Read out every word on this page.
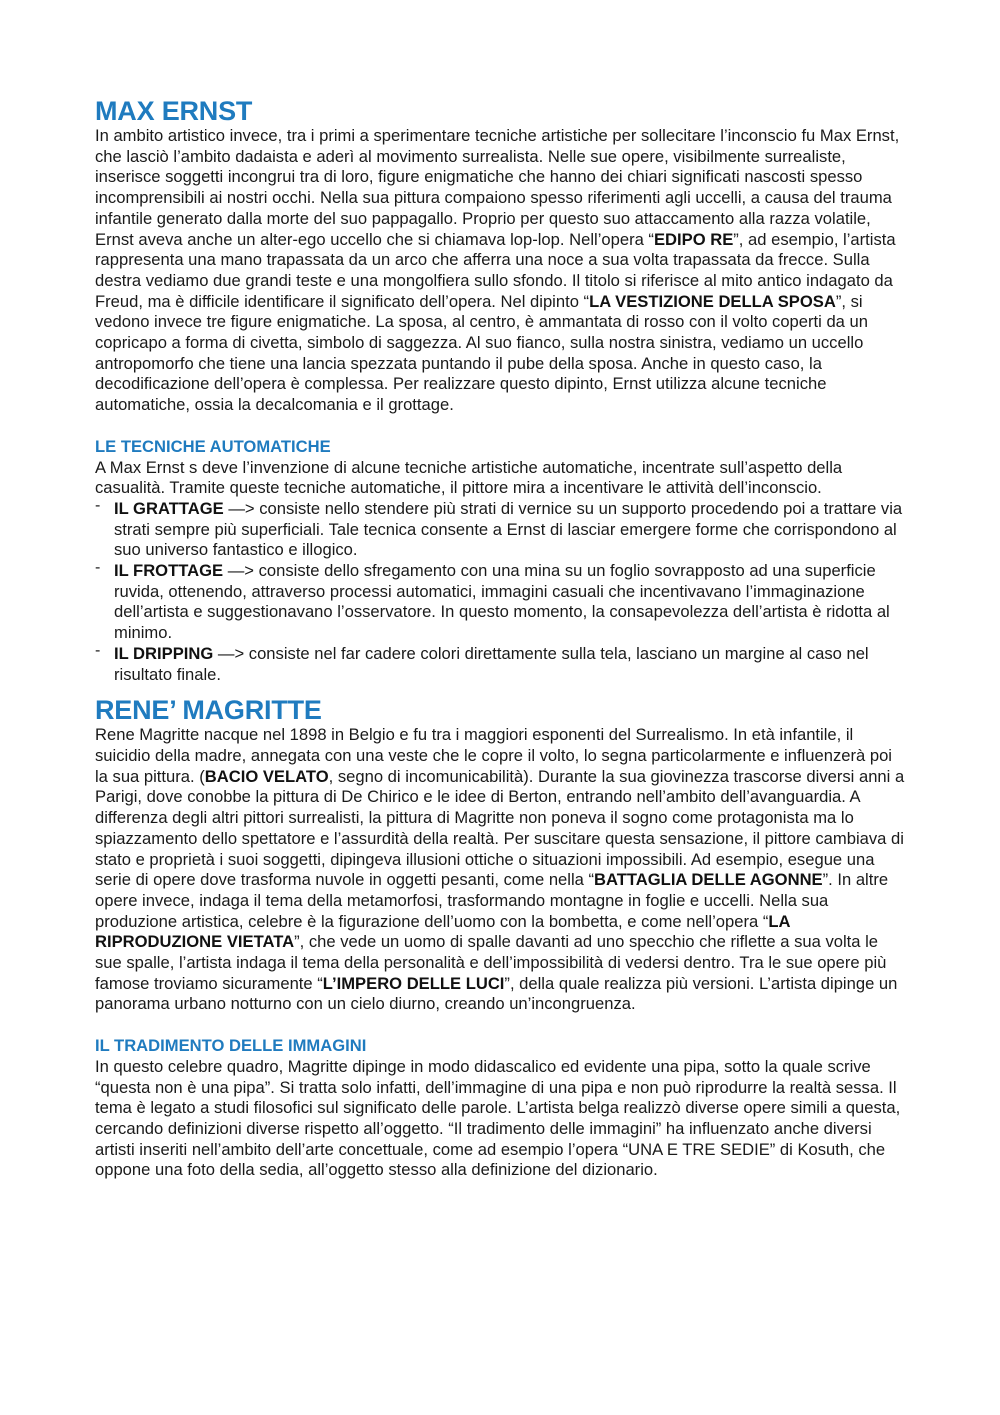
MAX ERNST

In ambito artistico invece, tra i primi a sperimentare tecniche artistiche per sollecitare l’inconscio fu Max Ernst, che lasciò l’ambito dadaista e aderì al movimento surrealista. Nelle sue opere, visibilmente surrealiste, inserisce soggetti incongrui tra di loro, figure enigmatiche che hanno dei chiari significati nascosti spesso incomprensibili ai nostri occhi. Nella sua pittura compaiono spesso riferimenti agli uccelli, a causa del trauma infantile generato dalla morte del suo pappagallo. Proprio per questo suo attaccamento alla razza volatile, Ernst aveva anche un alter-ego uccello che si chiamava lop-lop. Nell’opera “EDIPO RE”, ad esempio, l’artista rappresenta una mano trapassata da un arco che afferra una noce a sua volta trapassata da frecce. Sulla destra vediamo due grandi teste e una mongolfiera sullo sfondo. Il titolo si riferisce al mito antico indagato da Freud, ma è difficile identificare il significato dell’opera. Nel dipinto “LA VESTIZIONE DELLA SPOSA”, si vedono invece tre figure enigmatiche. La sposa, al centro, è ammantata di rosso con il volto coperti da un copricapo a forma di civetta, simbolo di saggezza. Al suo fianco, sulla nostra sinistra, vediamo un uccello antropomorfo che tiene una lancia spezzata puntando il pube della sposa. Anche in questo caso, la decodificazione dell’opera è complessa. Per realizzare questo dipinto, Ernst utilizza alcune tecniche automatiche, ossia la decalcomania e il grottage.

LE TECNICHE AUTOMATICHE

A Max Ernst s deve l’invenzione di alcune tecniche artistiche automatiche, incentrate sull’aspetto della casualità. Tramite queste tecniche automatiche, il pittore mira a incentivare le attività dell’inconscio.

- IL GRATTAGE —> consiste nello stendere più strati di vernice su un supporto procedendo poi a trattare via strati sempre più superficiali. Tale tecnica consente a Ernst di lasciar emergere forme che corrispondono al suo universo fantastico e illogico.
- IL FROTTAGE —> consiste dello sfregamento con una mina su un foglio sovrapposto ad una superficie ruvida, ottenendo, attraverso processi automatici, immagini casuali che incentivavano l’immaginazione dell’artista e suggestionavano l’osservatore. In questo momento, la consapevolezza dell’artista è ridotta al minimo.
- IL DRIPPING —> consiste nel far cadere colori direttamente sulla tela, lasciano un margine al caso nel risultato finale.
RENE’ MAGRITTE

Rene Magritte nacque nel 1898 in Belgio e fu tra i maggiori esponenti del Surrealismo. In età infantile, il suicidio della madre, annegata con una veste che le copre il volto, lo segna particolarmente e influenzerà poi la sua pittura. (BACIO VELATO, segno di incomunicabilità). Durante la sua giovinezza trascorse diversi anni a Parigi, dove conobbe la pittura di De Chirico e le idee di Berton, entrando nell’ambito dell’avanguardia. A differenza degli altri pittori surrealisti, la pittura di Magritte non poneva il sogno come protagonista ma lo spiazzamento dello spettatore e l’assurdità della realtà. Per suscitare questa sensazione, il pittore cambiava di stato e proprietà i suoi soggetti, dipingeva illusioni ottiche o situazioni impossibili. Ad esempio, esegue una serie di opere dove trasforma nuvole in oggetti pesanti, come nella “BATTAGLIA DELLE AGONNE”. In altre opere invece, indaga il tema della metamorfosi, trasformando montagne in foglie e uccelli. Nella sua produzione artistica, celebre è la figurazione dell’uomo con la bombetta, e come nell’opera “LA RIPRODUZIONE VIETATA”, che vede un uomo di spalle davanti ad uno specchio che riflette a sua volta le sue spalle, l’artista indaga il tema della personalità e dell’impossibilità di vedersi dentro. Tra le sue opere più famose troviamo sicuramente “L’IMPERO DELLE LUCI”, della quale realizza più versioni. L’artista dipinge un panorama urbano notturno con un cielo diurno, creando un’incongruenza.

IL TRADIMENTO DELLE IMMAGINI

In questo celebre quadro, Magritte dipinge in modo didascalico ed evidente una pipa, sotto la quale scrive “questa non è una pipa”. Si tratta solo infatti, dell’immagine di una pipa e non può riprodurre la realtà sessa. Il tema è legato a studi filosofici sul significato delle parole. L’artista belga realizzò diverse opere simili a questa, cercando definizioni diverse rispetto all’oggetto. “Il tradimento delle immagini” ha influenzato anche diversi artisti inseriti nell’ambito dell’arte concettuale, come ad esempio l’opera “UNA E TRE SEDIE” di Kosuth, che oppone una foto della sedia, all’oggetto stesso alla definizione del dizionario.
